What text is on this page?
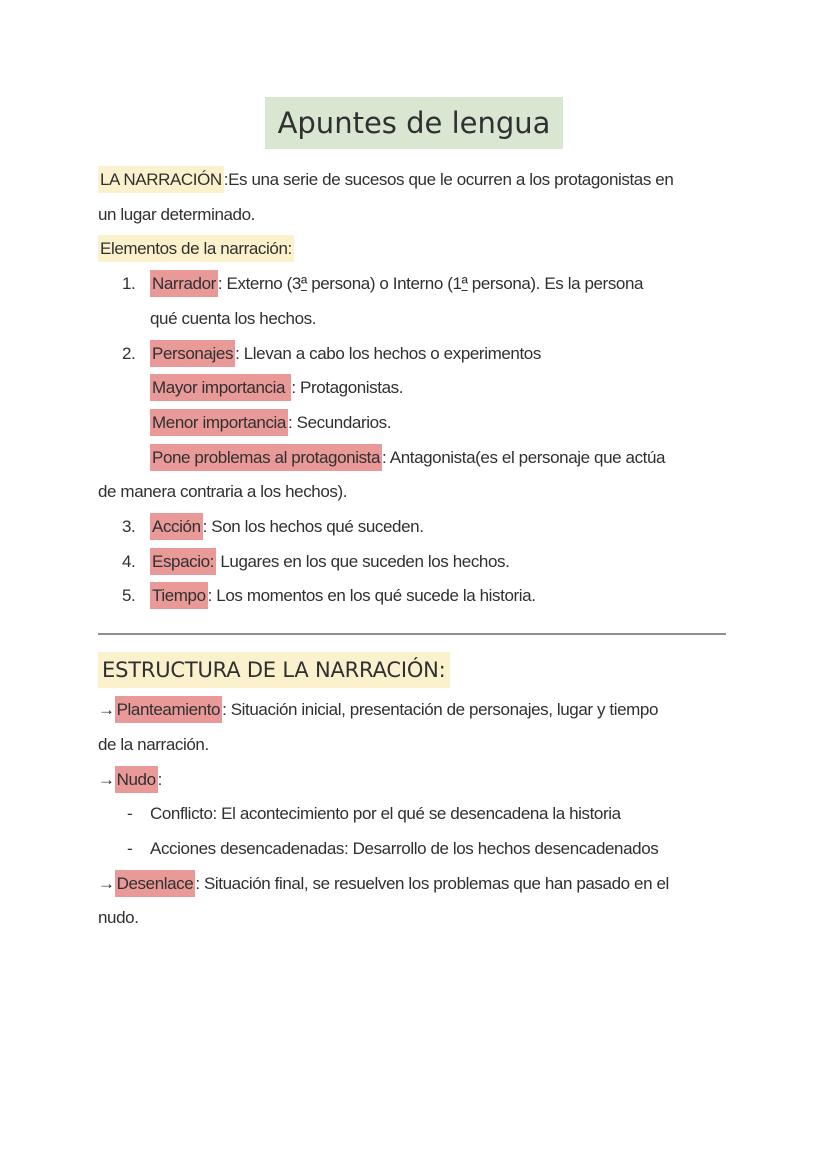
Apuntes de lengua
LA NARRACIÓN :Es una serie de sucesos que le ocurren a los protagonistas en
un lugar determinado.
Elementos de la narración:
1. Narrador : Externo (3ª persona) o Interno (1ª persona). Es la persona
qué cuenta los hechos.
2. Personajes : Llevan a cabo los hechos o experimentos
Mayor importancia : Protagonistas.
Menor importancia : Secundarios.
Pone problemas al protagonista : Antagonista(es el personaje que actúa
de manera contraria a los hechos).
3. Acción : Son los hechos qué suceden.
4. Espacio: Lugares en los que suceden los hechos.
5. Tiempo : Los momentos en los qué sucede la historia.
ESTRUCTURA DE LA NARRACIÓN:
→ Planteamiento : Situación inicial, presentación de personajes, lugar y tiempo
de la narración.
→ Nudo :
- Conflicto: El acontecimiento por el qué se desencadena la historia
- Acciones desencadenadas: Desarrollo de los hechos desencadenados
→ Desenlace : Situación final, se resuelven los problemas que han pasado en el
nudo.
